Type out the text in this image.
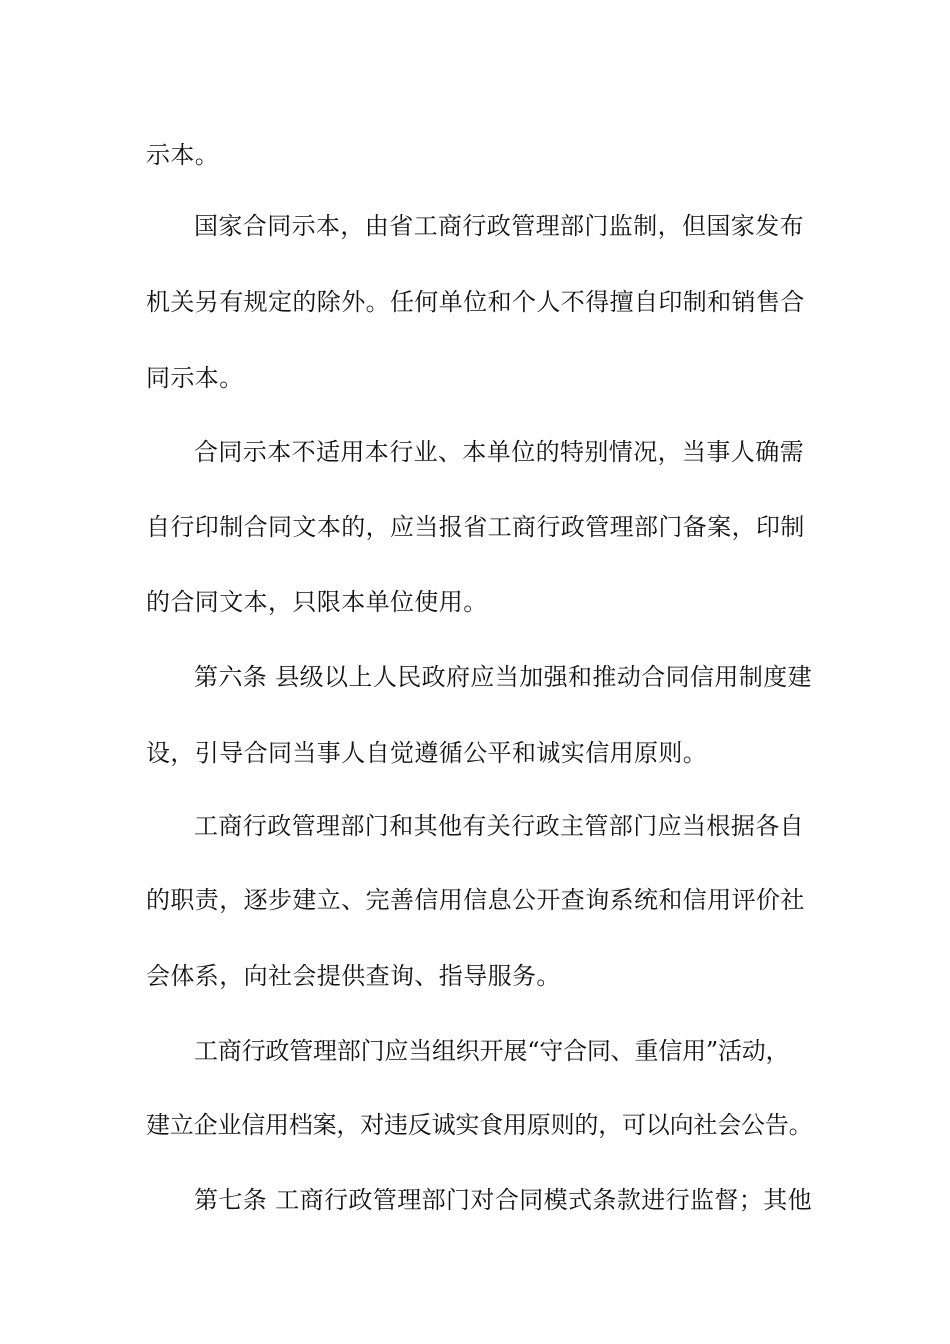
示本。
国家合同示本，由省工商行政管理部门监制，但国家发布
机关另有规定的除外。任何单位和个人不得擅自印制和销售合
同示本。
合同示本不适用本行业、本单位的特别情况，当事人确需
自行印制合同文本的，应当报省工商行政管理部门备案，印制
的合同文本，只限本单位使用。
第六条 县级以上人民政府应当加强和推动合同信用制度建
设，引导合同当事人自觉遵循公平和诚实信用原则。
工商行政管理部门和其他有关行政主管部门应当根据各自
的职责，逐步建立、完善信用信息公开查询系统和信用评价社
会体系，向社会提供查询、指导服务。
工商行政管理部门应当组织开展“守合同、重信用”活动，
建立企业信用档案，对违反诚实食用原则的，可以向社会公告。
第七条 工商行政管理部门对合同模式条款进行监督；其他
